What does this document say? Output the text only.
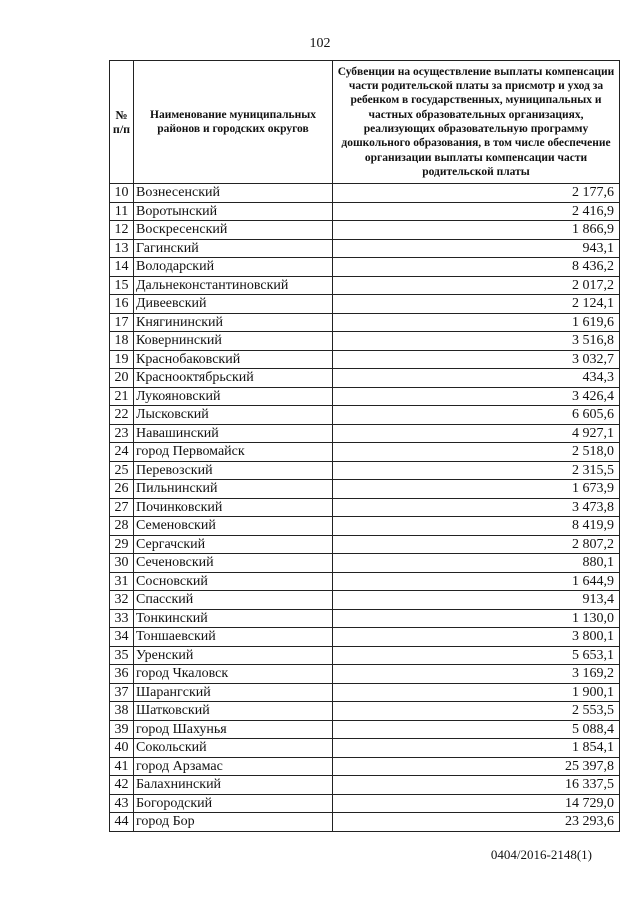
102
№ п/п	Наименование муниципальных районов и городских округов	Субвенции на осуществление выплаты компенсации части родительской платы за присмотр и уход за ребенком в государственных, муниципальных и частных образовательных организациях, реализующих образовательную программу дошкольного образования, в том числе обеспечение организации выплаты компенсации части родительской платы
10	Вознесенский	2 177,6
11	Воротынский	2 416,9
12	Воскресенский	1 866,9
13	Гагинский	943,1
14	Володарский	8 436,2
15	Дальнеконстантиновский	2 017,2
16	Дивеевский	2 124,1
17	Княгининский	1 619,6
18	Ковернинский	3 516,8
19	Краснобаковский	3 032,7
20	Краснооктябрьский	434,3
21	Лукояновский	3 426,4
22	Лысковский	6 605,6
23	Навашинский	4 927,1
24	город Первомайск	2 518,0
25	Перевозский	2 315,5
26	Пильнинский	1 673,9
27	Починковский	3 473,8
28	Семеновский	8 419,9
29	Сергачский	2 807,2
30	Сеченовский	880,1
31	Сосновский	1 644,9
32	Спасский	913,4
33	Тонкинский	1 130,0
34	Тоншаевский	3 800,1
35	Уренский	5 653,1
36	город Чкаловск	3 169,2
37	Шарангский	1 900,1
38	Шатковский	2 553,5
39	город Шахунья	5 088,4
40	Сокольский	1 854,1
41	город Арзамас	25 397,8
42	Балахнинский	16 337,5
43	Богородский	14 729,0
44	город Бор	23 293,6
0404/2016-2148(1)
